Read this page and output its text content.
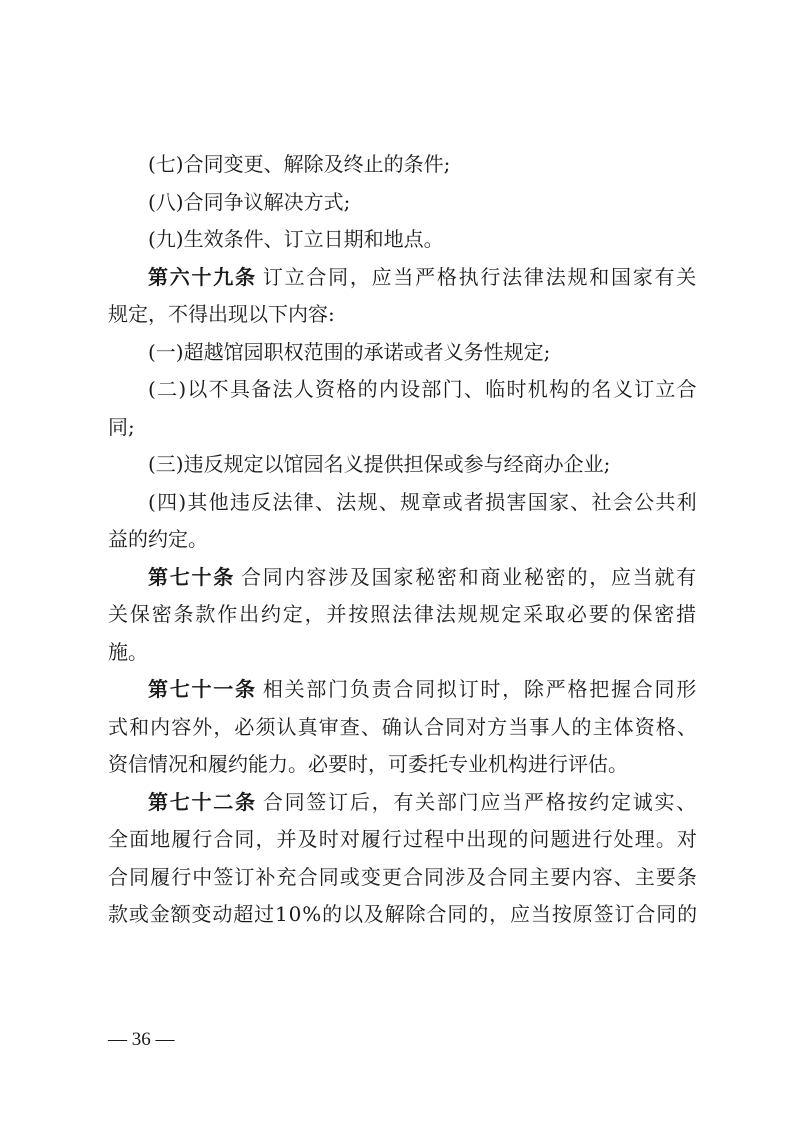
(七)合同变更、解除及终止的条件;
(八)合同争议解决方式;
(九)生效条件、订立日期和地点。
第六十九条 订立合同，应当严格执行法律法规和国家有关
规定，不得出现以下内容:
(一)超越馆园职权范围的承诺或者义务性规定;
(二)以不具备法人资格的内设部门、临时机构的名义订立合
同;
(三)违反规定以馆园名义提供担保或参与经商办企业;
(四)其他违反法律、法规、规章或者损害国家、社会公共利
益的约定。
第七十条 合同内容涉及国家秘密和商业秘密的，应当就有
关保密条款作出约定，并按照法律法规规定采取必要的保密措
施。
第七十一条 相关部门负责合同拟订时，除严格把握合同形
式和内容外，必须认真审查、确认合同对方当事人的主体资格、
资信情况和履约能力。必要时，可委托专业机构进行评估。
第七十二条 合同签订后，有关部门应当严格按约定诚实、
全面地履行合同，并及时对履行过程中出现的问题进行处理。对
合同履行中签订补充合同或变更合同涉及合同主要内容、主要条
款或金额变动超过10%的以及解除合同的，应当按原签订合同的
— 36 —
